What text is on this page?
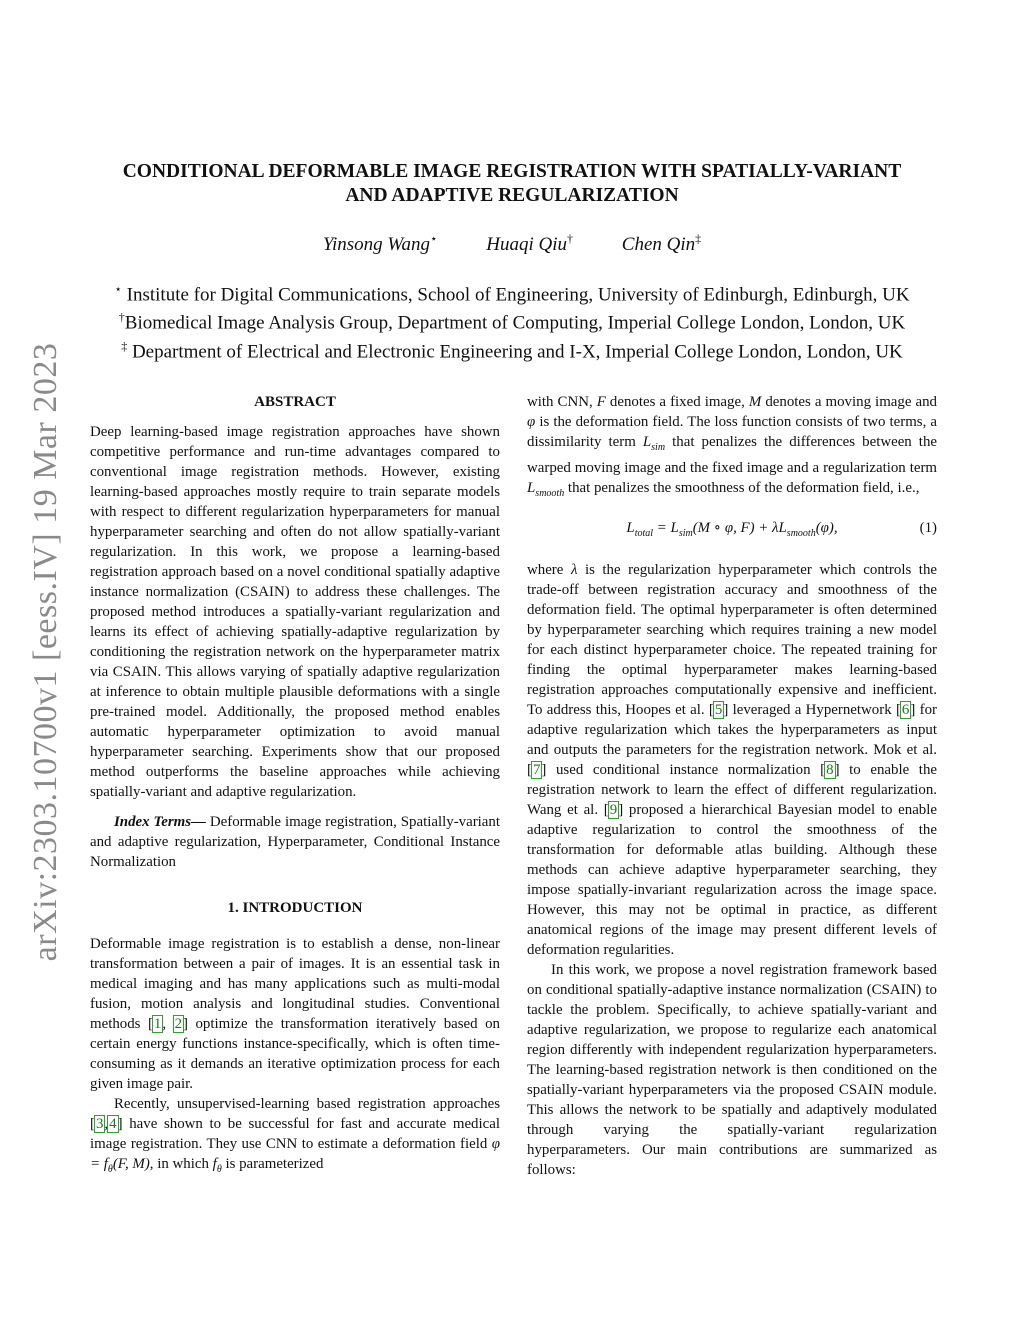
arXiv:2303.10700v1 [eess.IV] 19 Mar 2023
CONDITIONAL DEFORMABLE IMAGE REGISTRATION WITH SPATIALLY-VARIANT
AND ADAPTIVE REGULARIZATION
Yinsong Wang⋆	Huaqi Qiu†	Chen Qin‡
⋆ Institute for Digital Communications, School of Engineering, University of Edinburgh, Edinburgh, UK
†Biomedical Image Analysis Group, Department of Computing, Imperial College London, London, UK
‡ Department of Electrical and Electronic Engineering and I-X, Imperial College London, London, UK
ABSTRACT

Deep learning-based image registration approaches have shown competitive performance and run-time advantages compared to conventional image registration methods. However, existing learning-based approaches mostly require to train separate models with respect to different regularization hyperparameters for manual hyperparameter searching and often do not allow spatially-variant regularization. In this work, we propose a learning-based registration approach based on a novel conditional spatially adaptive instance normalization (CSAIN) to address these challenges. The proposed method introduces a spatially-variant regularization and learns its effect of achieving spatially-adaptive regularization by conditioning the registration network on the hyperparameter matrix via CSAIN. This allows varying of spatially adaptive regularization at inference to obtain multiple plausible deformations with a single pre-trained model. Additionally, the proposed method enables automatic hyperparameter optimization to avoid manual hyperparameter searching. Experiments show that our proposed method outperforms the baseline approaches while achieving spatially-variant and adaptive regularization.

Index Terms— Deformable image registration, Spatially-variant and adaptive regularization, Hyperparameter, Conditional Instance Normalization

1. INTRODUCTION

Deformable image registration is to establish a dense, non-linear transformation between a pair of images. It is an essential task in medical imaging and has many applications such as multi-modal fusion, motion analysis and longitudinal studies. Conventional methods [1, 2] optimize the transformation iteratively based on certain energy functions instance-specifically, which is often time-consuming as it demands an iterative optimization process for each given image pair.

Recently, unsupervised-learning based registration approaches [3,4] have shown to be successful for fast and accurate medical image registration. They use CNN to estimate a deformation field $\varphi = f_\theta(F$, M), in which $f_\theta$ is parameterized

with CNN, F denotes a fixed image, M denotes a moving image and φ is the deformation field. The loss function consists of two terms, a dissimilarity term $L_{sim}$ that penalizes the differences between the warped moving image and the fixed image and a regularization term $L_{smooth}$ that penalizes the smoothness of the deformation field, i.e.,

$L_{total} = L_{sim}(M$ ∘ φ, $F) + \lambda L_{smooth}(\varphi)$,	(1)

where λ is the regularization hyperparameter which controls the trade-off between registration accuracy and smoothness of the deformation field. The optimal hyperparameter is often determined by hyperparameter searching which requires training a new model for each distinct hyperparameter choice. The repeated training for finding the optimal hyperparameter makes learning-based registration approaches computationally expensive and inefficient. To address this, Hoopes et al. [5] leveraged a Hypernetwork [6] for adaptive regularization which takes the hyperparameters as input and outputs the parameters for the registration network. Mok et al. [7] used conditional instance normalization [8] to enable the registration network to learn the effect of different regularization. Wang et al. [9] proposed a hierarchical Bayesian model to enable adaptive regularization to control the smoothness of the transformation for deformable atlas building. Although these methods can achieve adaptive hyperparameter searching, they impose spatially-invariant regularization across the image space. However, this may not be optimal in practice, as different anatomical regions of the image may present different levels of deformation regularities.

In this work, we propose a novel registration framework based on conditional spatially-adaptive instance normalization (CSAIN) to tackle the problem. Specifically, to achieve spatially-variant and adaptive regularization, we propose to regularize each anatomical region differently with independent regularization hyperparameters. The learning-based registration network is then conditioned on the spatially-variant hyperparameters via the proposed CSAIN module. This allows the network to be spatially and adaptively modulated through varying the spatially-variant regularization hyperparameters. Our main contributions are summarized as follows:
